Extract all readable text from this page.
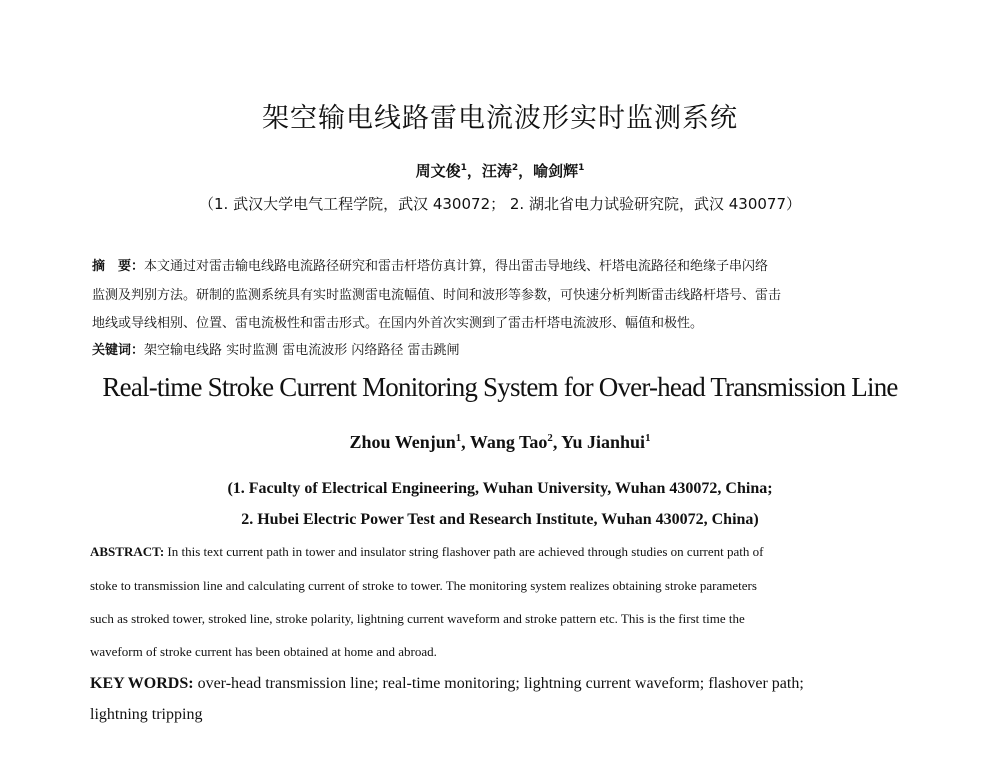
架空输电线路雷电流波形实时监测系统
周文俊$^1$，汪涛$^2$，喻剑辉$^1$
（1. 武汉大学电气工程学院，武汉 430072； 2. 湖北省电力试验研究院，武汉 430077）
摘　要：本文通过对雷击输电线路电流路径研究和雷击杆塔仿真计算，得出雷击导地线、杆塔电流路径和绝缘子串闪络
监测及判别方法。研制的监测系统具有实时监测雷电流幅值、时间和波形等参数，可快速分析判断雷击线路杆塔号、雷击
地线或导线相别、位置、雷电流极性和雷击形式。在国内外首次实测到了雷击杆塔电流波形、幅值和极性。
关键词：架空输电线路 实时监测 雷电流波形 闪络路径 雷击跳闸
Real-time Stroke Current Monitoring System for Over-head Transmission Line
Zhou Wenjun$^1$, Wang Tao$^2$, Yu Jianhui$^1$
(1. Faculty of Electrical Engineering, Wuhan University, Wuhan 430072, China;
2. Hubei Electric Power Test and Research Institute, Wuhan 430072, China)
ABSTRACT: In this text current path in tower and insulator string flashover path are achieved through studies on current path of
stoke to transmission line and calculating current of stroke to tower. The monitoring system realizes obtaining stroke parameters
such as stroked tower, stroked line, stroke polarity, lightning current waveform and stroke pattern etc. This is the first time the
waveform of stroke current has been obtained at home and abroad.
KEY WORDS: over-head transmission line; real-time monitoring; lightning current waveform; flashover path;
lightning tripping
